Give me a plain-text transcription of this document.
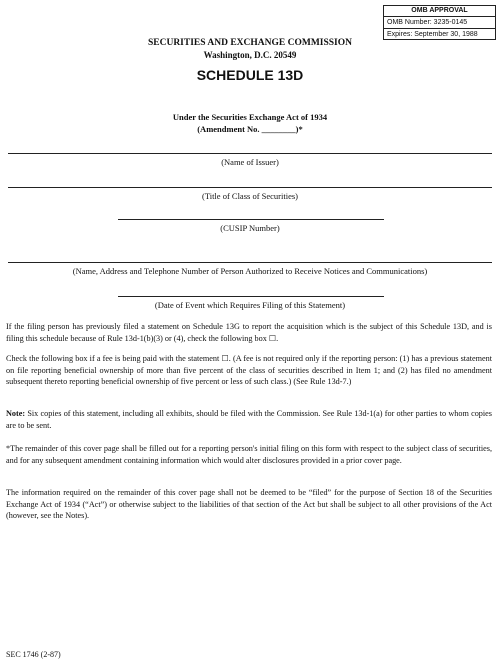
OMB APPROVAL
OMB Number: 3235-0145
Expires: September 30, 1988
SECURITIES AND EXCHANGE COMMISSION
Washington, D.C. 20549
SCHEDULE 13D
Under the Securities Exchange Act of 1934
(Amendment No. ________)*
(Name of Issuer)
(Title of Class of Securities)
(CUSIP Number)
(Name, Address and Telephone Number of Person Authorized to Receive Notices and Communications)
(Date of Event which Requires Filing of this Statement)
If the filing person has previously filed a statement on Schedule 13G to report the acquisition which is the subject of this Schedule 13D, and is filing this schedule because of Rule 13d-1(b)(3) or (4), check the following box ☐.
Check the following box if a fee is being paid with the statement ☐. (A fee is not required only if the reporting person: (1) has a previous statement on file reporting beneficial ownership of more than five percent of the class of securities described in Item 1; and (2) has filed no amendment subsequent thereto reporting beneficial ownership of five percent or less of such class.) (See Rule 13d-7.)
Note: Six copies of this statement, including all exhibits, should be filed with the Commission. See Rule 13d-1(a) for other parties to whom copies are to be sent.
*The remainder of this cover page shall be filled out for a reporting person's initial filing on this form with respect to the subject class of securities, and for any subsequent amendment containing information which would alter disclosures provided in a prior cover page.
The information required on the remainder of this cover page shall not be deemed to be “filed” for the purpose of Section 18 of the Securities Exchange Act of 1934 (“Act”) or otherwise subject to the liabilities of that section of the Act but shall be subject to all other provisions of the Act (however, see the Notes).
SEC 1746 (2-87)
